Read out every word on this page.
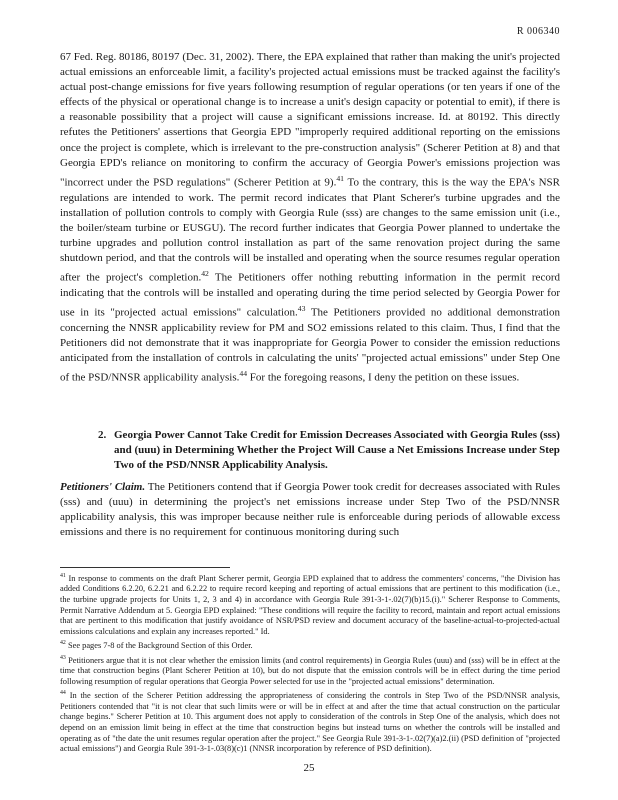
R 006340

67 Fed. Reg. 80186, 80197 (Dec. 31, 2002). There, the EPA explained that rather than making the unit's projected actual emissions an enforceable limit, a facility's projected actual emissions must be tracked against the facility's actual post-change emissions for five years following resumption of regular operations (or ten years if one of the effects of the physical or operational change is to increase a unit's design capacity or potential to emit), if there is a reasonable possibility that a project will cause a significant emissions increase. Id. at 80192. This directly refutes the Petitioners' assertions that Georgia EPD "improperly required additional reporting on the emissions once the project is complete, which is irrelevant to the pre-construction analysis" (Scherer Petition at 8) and that Georgia EPD's reliance on monitoring to confirm the accuracy of Georgia Power's emissions projection was "incorrect under the PSD regulations" (Scherer Petition at 9).$^{41}$ To the contrary, this is the way the EPA's NSR regulations are intended to work. The permit record indicates that Plant Scherer's turbine upgrades and the installation of pollution controls to comply with Georgia Rule (sss) are changes to the same emission unit (i.e., the boiler/steam turbine or EUSGU). The record further indicates that Georgia Power planned to undertake the turbine upgrades and pollution control installation as part of the same renovation project during the same shutdown period, and that the controls will be installed and operating when the source resumes regular operation after the project's completion.$^{42}$ The Petitioners offer nothing rebutting information in the permit record indicating that the controls will be installed and operating during the time period selected by Georgia Power for use in its "projected actual emissions" calculation.$^{43}$ The Petitioners provided no additional demonstration concerning the NNSR applicability review for PM and SO2 emissions related to this claim. Thus, I find that the Petitioners did not demonstrate that it was inappropriate for Georgia Power to consider the emission reductions anticipated from the installation of controls in calculating the units' "projected actual emissions" under Step One of the PSD/NNSR applicability analysis.$^{44}$ For the foregoing reasons, I deny the petition on these issues.

2. Georgia Power Cannot Take Credit for Emission Decreases Associated with Georgia Rules (sss) and (uuu) in Determining Whether the Project Will Cause a Net Emissions Increase under Step Two of the PSD/NNSR Applicability Analysis.

Petitioners' Claim. The Petitioners contend that if Georgia Power took credit for decreases associated with Rules (sss) and (uuu) in determining the project's net emissions increase under Step Two of the PSD/NNSR applicability analysis, this was improper because neither rule is enforceable during periods of allowable excess emissions and there is no requirement for continuous monitoring during such

$^{41}$ In response to comments on the draft Plant Scherer permit, Georgia EPD explained that to address the commenters' concerns, "the Division has added Conditions 6.2.20, 6.2.21 and 6.2.22 to require record keeping and reporting of actual emissions that are pertinent to this modification (i.e., the turbine upgrade projects for Units 1, 2, 3 and 4) in accordance with Georgia Rule 391-3-1-.02(7)(b)15.(i)." Scherer Response to Comments, Permit Narrative Addendum at 5. Georgia EPD explained: "These conditions will require the facility to record, maintain and report actual emissions that are pertinent to this modification that justify avoidance of NSR/PSD review and document accuracy of the baseline-actual-to-projected-actual emissions calculations and explain any increases reported." Id.

$^{42}$ See pages 7-8 of the Background Section of this Order.

$^{43}$ Petitioners argue that it is not clear whether the emission limits (and control requirements) in Georgia Rules (uuu) and (sss) will be in effect at the time that construction begins (Plant Scherer Petition at 10), but do not dispute that the emission controls will be in effect during the time period following resumption of regular operations that Georgia Power selected for use in the "projected actual emissions" determination.

$^{44}$ In the section of the Scherer Petition addressing the appropriateness of considering the controls in Step Two of the PSD/NNSR analysis, Petitioners contended that "it is not clear that such limits were or will be in effect at and after the time that actual construction on the particular change begins." Scherer Petition at 10. This argument does not apply to consideration of the controls in Step One of the analysis, which does not depend on an emission limit being in effect at the time that construction begins but instead turns on whether the controls will be installed and operating as of "the date the unit resumes regular operation after the project." See Georgia Rule 391-3-1-.02(7)(a)2.(ii) (PSD definition of "projected actual emissions") and Georgia Rule 391-3-1-.03(8)(c)1 (NNSR incorporation by reference of PSD definition).

25
